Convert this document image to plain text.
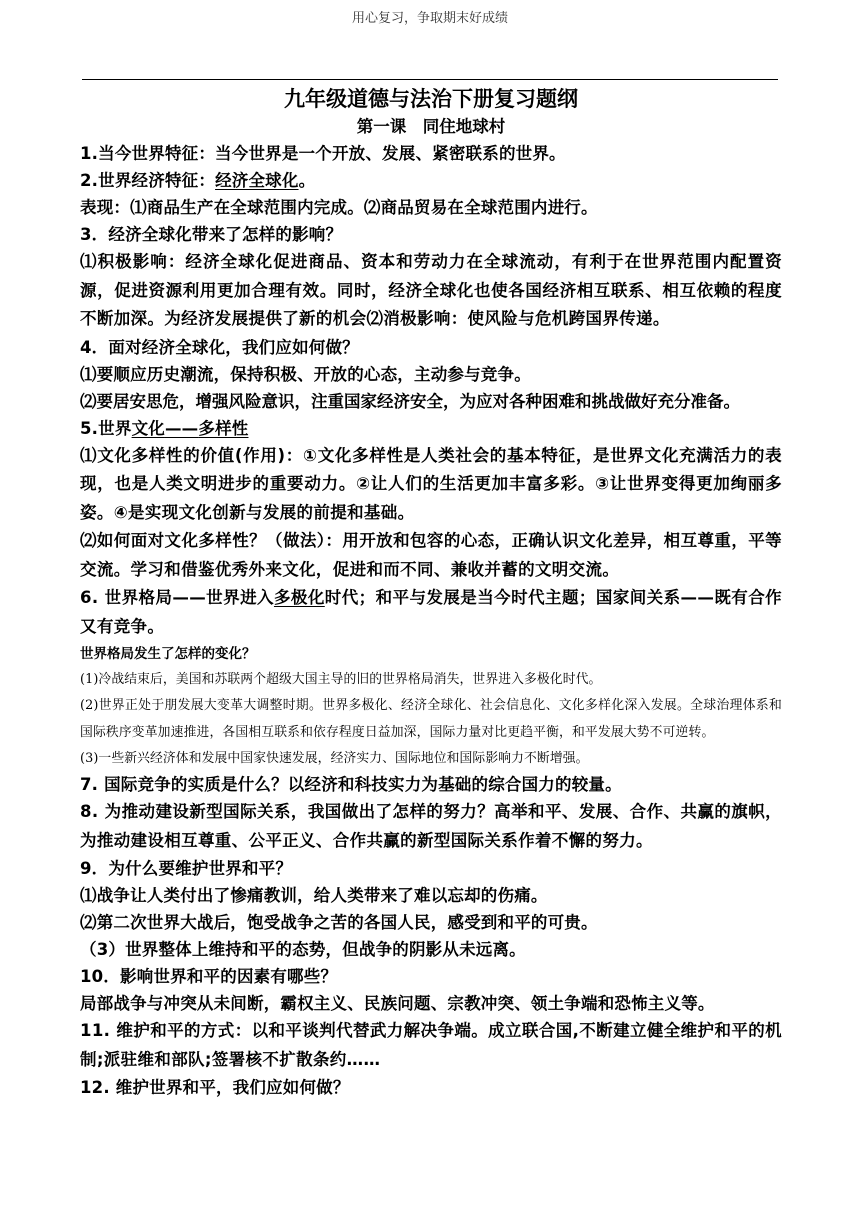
用心复习，争取期末好成绩
九年级道德与法治下册复习题纲
第一课　同住地球村
1.当今世界特征：当今世界是一个开放、发展、紧密联系的世界。
2.世界经济特征：经济全球化。
表现：⑴商品生产在全球范围内完成。⑵商品贸易在全球范围内进行。
3．经济全球化带来了怎样的影响？
⑴积极影响：经济全球化促进商品、资本和劳动力在全球流动，有利于在世界范围内配置资源，促进资源利用更加合理有效。同时，经济全球化也使各国经济相互联系、相互依赖的程度不断加深。为经济发展提供了新的机会⑵消极影响：使风险与危机跨国界传递。
4．面对经济全球化，我们应如何做？
⑴要顺应历史潮流，保持积极、开放的心态，主动参与竞争。
⑵要居安思危，增强风险意识，注重国家经济安全，为应对各种困难和挑战做好充分准备。
5.世界文化——多样性
⑴文化多样性的价值(作用)：①文化多样性是人类社会的基本特征，是世界文化充满活力的表现，也是人类文明进步的重要动力。②让人们的生活更加丰富多彩。③让世界变得更加绚丽多姿。④是实现文化创新与发展的前提和基础。
⑵如何面对文化多样性？（做法）：用开放和包容的心态，正确认识文化差异，相互尊重，平等交流。学习和借鉴优秀外来文化，促进和而不同、兼收并蓄的文明交流。
6. 世界格局——世界进入多极化时代；和平与发展是当今时代主题；国家间关系——既有合作又有竞争。
世界格局发生了怎样的变化？
(1)冷战结束后，美国和苏联两个超级大国主导的旧的世界格局消失，世界进入多极化时代。
(2)世界正处于朋发展大变革大调整时期。世界多极化、经济全球化、社会信息化、文化多样化深入发展。全球治理体系和国际秩序变革加速推进，各国相互联系和依存程度日益加深，国际力量对比更趋平衡，和平发展大势不可逆转。
(3)一些新兴经济体和发展中国家快速发展，经济实力、国际地位和国际影响力不断增强。
7. 国际竞争的实质是什么？以经济和科技实力为基础的综合国力的较量。
8. 为推动建设新型国际关系，我国做出了怎样的努力？高举和平、发展、合作、共赢的旗帜，为推动建设相互尊重、公平正义、合作共赢的新型国际关系作着不懈的努力。
9．为什么要维护世界和平？
⑴战争让人类付出了惨痛教训，给人类带来了难以忘却的伤痛。
⑵第二次世界大战后，饱受战争之苦的各国人民，感受到和平的可贵。
（3）世界整体上维持和平的态势，但战争的阴影从未远离。
10．影响世界和平的因素有哪些？
局部战争与冲突从未间断，霸权主义、民族问题、宗教冲突、领土争端和恐怖主义等。
11. 维护和平的方式：以和平谈判代替武力解决争端。成立联合国,不断建立健全维护和平的机制;派驻维和部队;签署核不扩散条约……
12. 维护世界和平，我们应如何做？
